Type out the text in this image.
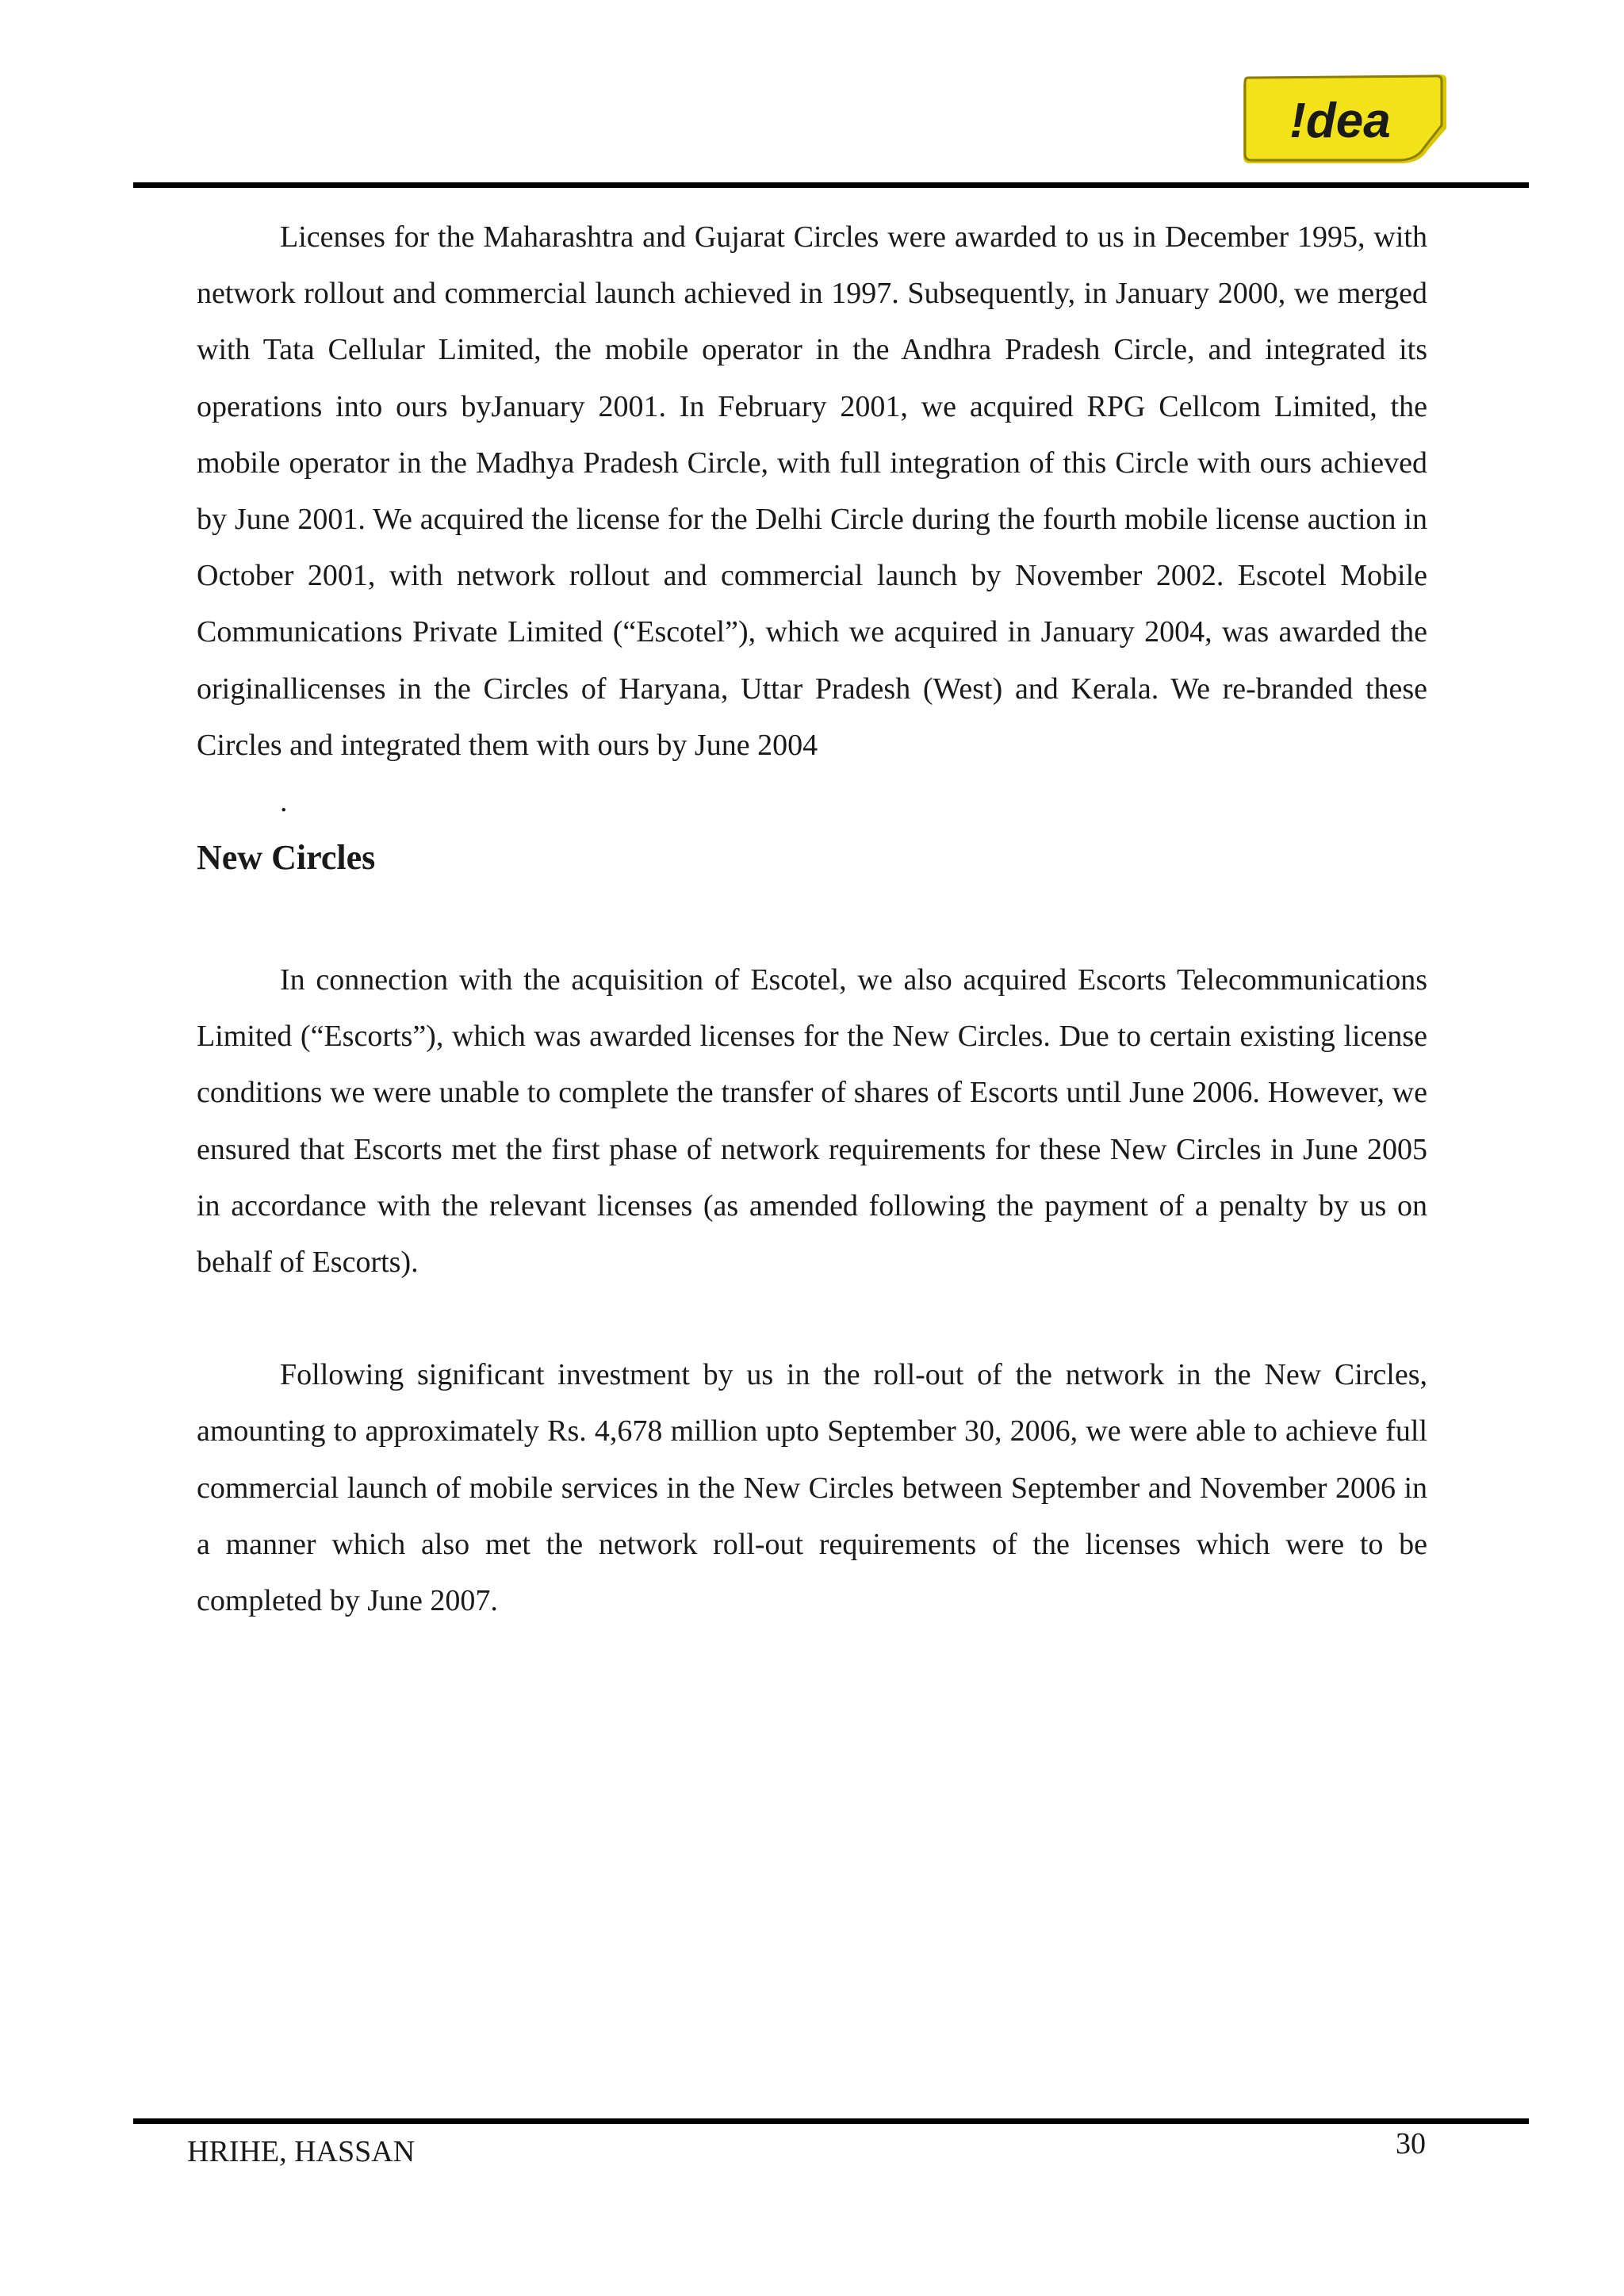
!dea

Licenses for the Maharashtra and Gujarat Circles were awarded to us in December 1995, with network rollout and commercial launch achieved in 1997. Subsequently, in January 2000, we merged with Tata Cellular Limited, the mobile operator in the Andhra Pradesh Circle, and integrated its operations into ours byJanuary 2001. In February 2001, we acquired RPG Cellcom Limited, the mobile operator in the Madhya Pradesh Circle, with full integration of this Circle with ours achieved by June 2001. We acquired the license for the Delhi Circle during the fourth mobile license auction in October 2001, with network rollout and commercial launch by November 2002. Escotel Mobile Communications Private Limited (“Escotel”), which we acquired in January 2004, was awarded the originallicenses in the Circles of Haryana, Uttar Pradesh (West) and Kerala. We re-branded these Circles and integrated them with ours by June 2004

.
New Circles

In connection with the acquisition of Escotel, we also acquired Escorts Telecommunications Limited (“Escorts”), which was awarded licenses for the New Circles. Due to certain existing license conditions we were unable to complete the transfer of shares of Escorts until June 2006. However, we ensured that Escorts met the first phase of network requirements for these New Circles in June 2005 in accordance with the relevant licenses (as amended following the payment of a penalty by us on behalf of Escorts).

Following significant investment by us in the roll-out of the network in the New Circles, amounting to approximately Rs. 4,678 million upto September 30, 2006, we were able to achieve full commercial launch of mobile services in the New Circles between September and November 2006 in a manner which also met the network roll-out requirements of the licenses which were to be completed by June 2007.

HRIHE, HASSAN	30
